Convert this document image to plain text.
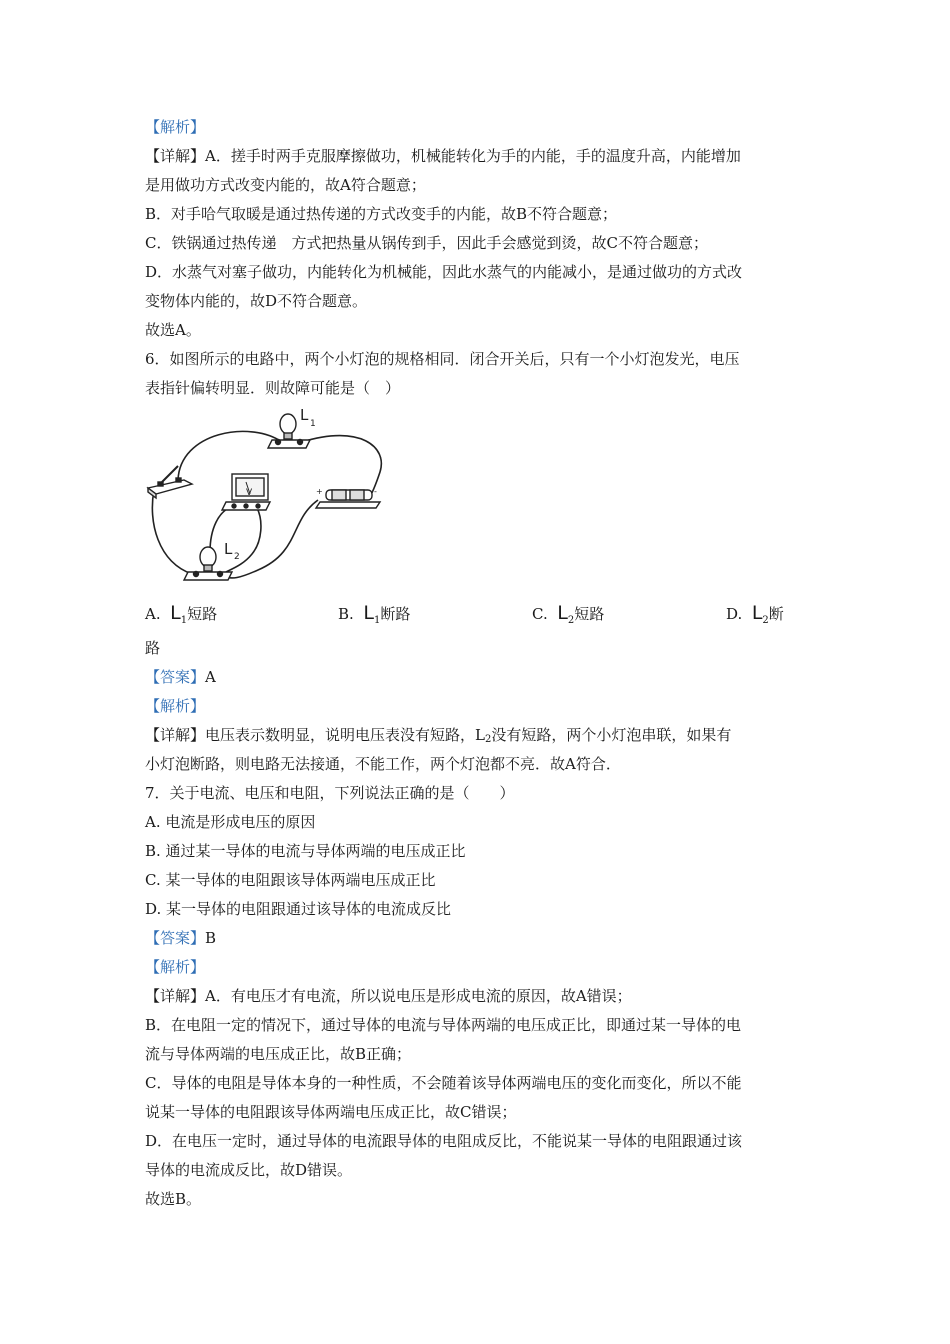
【解析】
【详解】A．搓手时两手克服摩擦做功，机械能转化为手的内能，手的温度升高，内能增加
是用做功方式改变内能的，故A符合题意；
B．对手哈气取暖是通过热传递的方式改变手的内能，故B不符合题意；
C．铁锅通过热传递　方式把热量从锅传到手，因此手会感觉到烫，故C不符合题意；
D．水蒸气对塞子做功，内能转化为机械能，因此水蒸气的内能减小，是通过做功的方式改
变物体内能的，故D不符合题意。
故选A。
6．如图所示的电路中，两个小灯泡的规格相同．闭合开关后，只有一个小灯泡发光，电压
表指针偏转明显．则故障可能是（　）
L 1
V	+	-
L 2
A. $L_1$短路	B. $L_1$断路	C. $L_2$短路	D. $L_2$断
路
【答案】A
【解析】
【详解】电压表示数明显，说明电压表没有短路，$L_2$没有短路，两个小灯泡串联，如果有
小灯泡断路，则电路无法接通，不能工作，两个灯泡都不亮．故A符合．
7．关于电流、电压和电阻，下列说法正确的是（　　）
A. 电流是形成电压的原因
B. 通过某一导体的电流与导体两端的电压成正比
C. 某一导体的电阻跟该导体两端电压成正比
D. 某一导体的电阻跟通过该导体的电流成反比
【答案】B
【解析】
【详解】A．有电压才有电流，所以说电压是形成电流的原因，故A错误；
B．在电阻一定的情况下，通过导体的电流与导体两端的电压成正比，即通过某一导体的电
流与导体两端的电压成正比，故B正确；
C．导体的电阻是导体本身的一种性质，不会随着该导体两端电压的变化而变化，所以不能
说某一导体的电阻跟该导体两端电压成正比，故C错误；
D．在电压一定时，通过导体的电流跟导体的电阻成反比，不能说某一导体的电阻跟通过该
导体的电流成反比，故D错误。
故选B。
